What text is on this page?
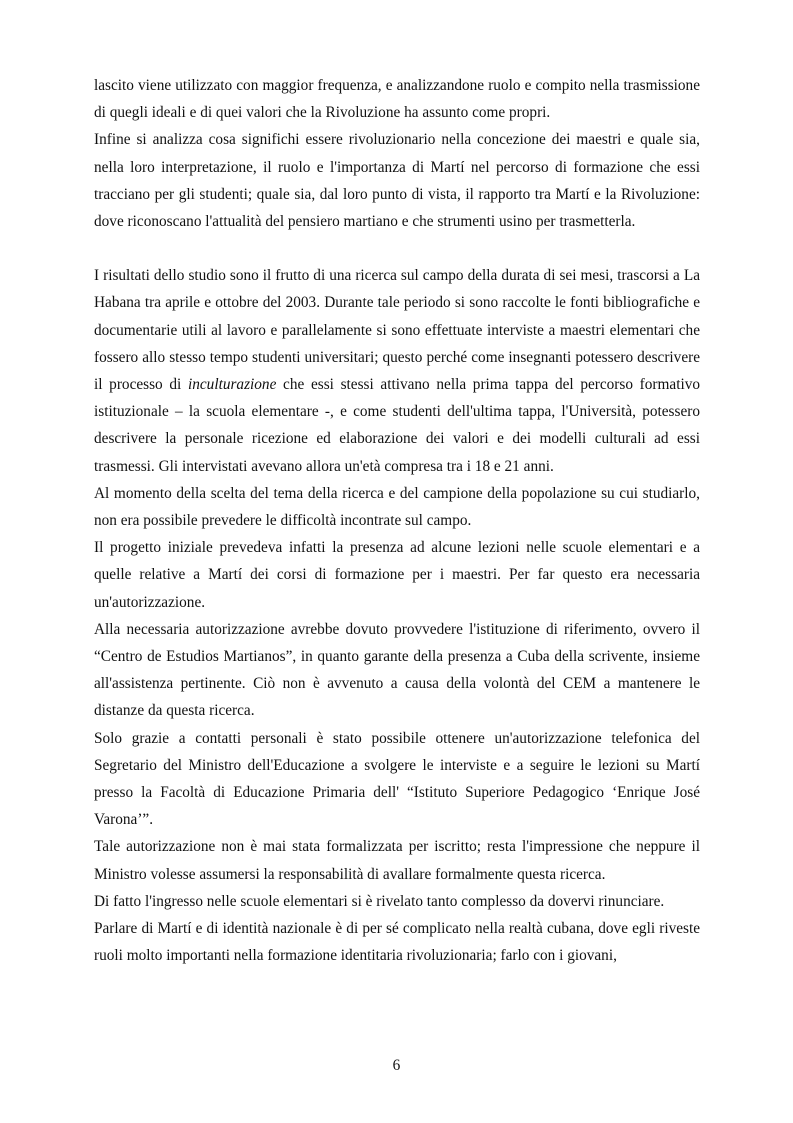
lascito viene utilizzato con maggior frequenza, e analizzandone ruolo e compito nella trasmissione di quegli ideali e di quei valori che la Rivoluzione ha assunto come propri.

Infine si analizza cosa significhi essere rivoluzionario nella concezione dei maestri e quale sia, nella loro interpretazione, il ruolo e l'importanza di Martí nel percorso di formazione che essi tracciano per gli studenti; quale sia, dal loro punto di vista, il rapporto tra Martí e la Rivoluzione: dove riconoscano l'attualità del pensiero martiano e che strumenti usino per trasmetterla.

I risultati dello studio sono il frutto di una ricerca sul campo della durata di sei mesi, trascorsi a La Habana tra aprile e ottobre del 2003. Durante tale periodo si sono raccolte le fonti bibliografiche e documentarie utili al lavoro e parallelamente si sono effettuate interviste a maestri elementari che fossero allo stesso tempo studenti universitari; questo perché come insegnanti potessero descrivere il processo di inculturazione che essi stessi attivano nella prima tappa del percorso formativo istituzionale – la scuola elementare -, e come studenti dell'ultima tappa, l'Università, potessero descrivere la personale ricezione ed elaborazione dei valori e dei modelli culturali ad essi trasmessi. Gli intervistati avevano allora un'età compresa tra i 18 e 21 anni.

Al momento della scelta del tema della ricerca e del campione della popolazione su cui studiarlo, non era possibile prevedere le difficoltà incontrate sul campo.

Il progetto iniziale prevedeva infatti la presenza ad alcune lezioni nelle scuole elementari e a quelle relative a Martí dei corsi di formazione per i maestri. Per far questo era necessaria un'autorizzazione.

Alla necessaria autorizzazione avrebbe dovuto provvedere l'istituzione di riferimento, ovvero il “Centro de Estudios Martianos”, in quanto garante della presenza a Cuba della scrivente, insieme all'assistenza pertinente. Ciò non è avvenuto a causa della volontà del CEM a mantenere le distanze da questa ricerca.

Solo grazie a contatti personali è stato possibile ottenere un'autorizzazione telefonica del Segretario del Ministro dell'Educazione a svolgere le interviste e a seguire le lezioni su Martí presso la Facoltà di Educazione Primaria dell' “Istituto Superiore Pedagogico ‘Enrique José Varona’”.

Tale autorizzazione non è mai stata formalizzata per iscritto; resta l'impressione che neppure il Ministro volesse assumersi la responsabilità di avallare formalmente questa ricerca.

Di fatto l'ingresso nelle scuole elementari si è rivelato tanto complesso da dovervi rinunciare.

Parlare di Martí e di identità nazionale è di per sé complicato nella realtà cubana, dove egli riveste ruoli molto importanti nella formazione identitaria rivoluzionaria; farlo con i giovani,

6
